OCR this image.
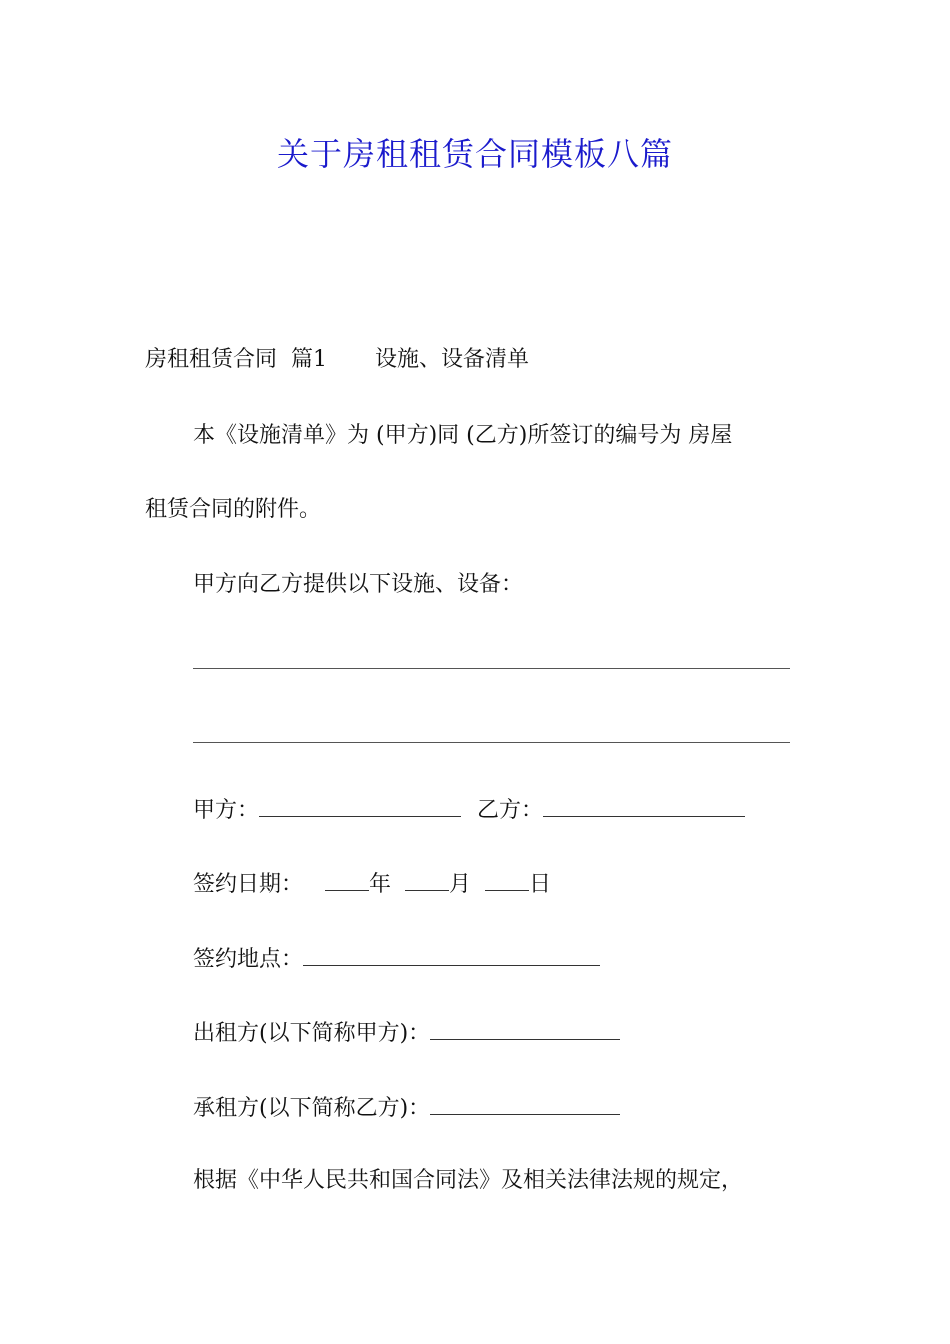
关于房租租赁合同模板八篇

房租租赁合同 篇1 设施、设备清单

本《设施清单》为 (甲方)同 (乙方)所签订的编号为 房屋

租赁合同的附件。

甲方向乙方提供以下设施、设备：

甲方：	乙方：

签约日期：	年	月	日

签约地点：

出租方(以下简称甲方)：

承租方(以下简称乙方)：

根据《中华人民共和国合同法》及相关法律法规的规定，
